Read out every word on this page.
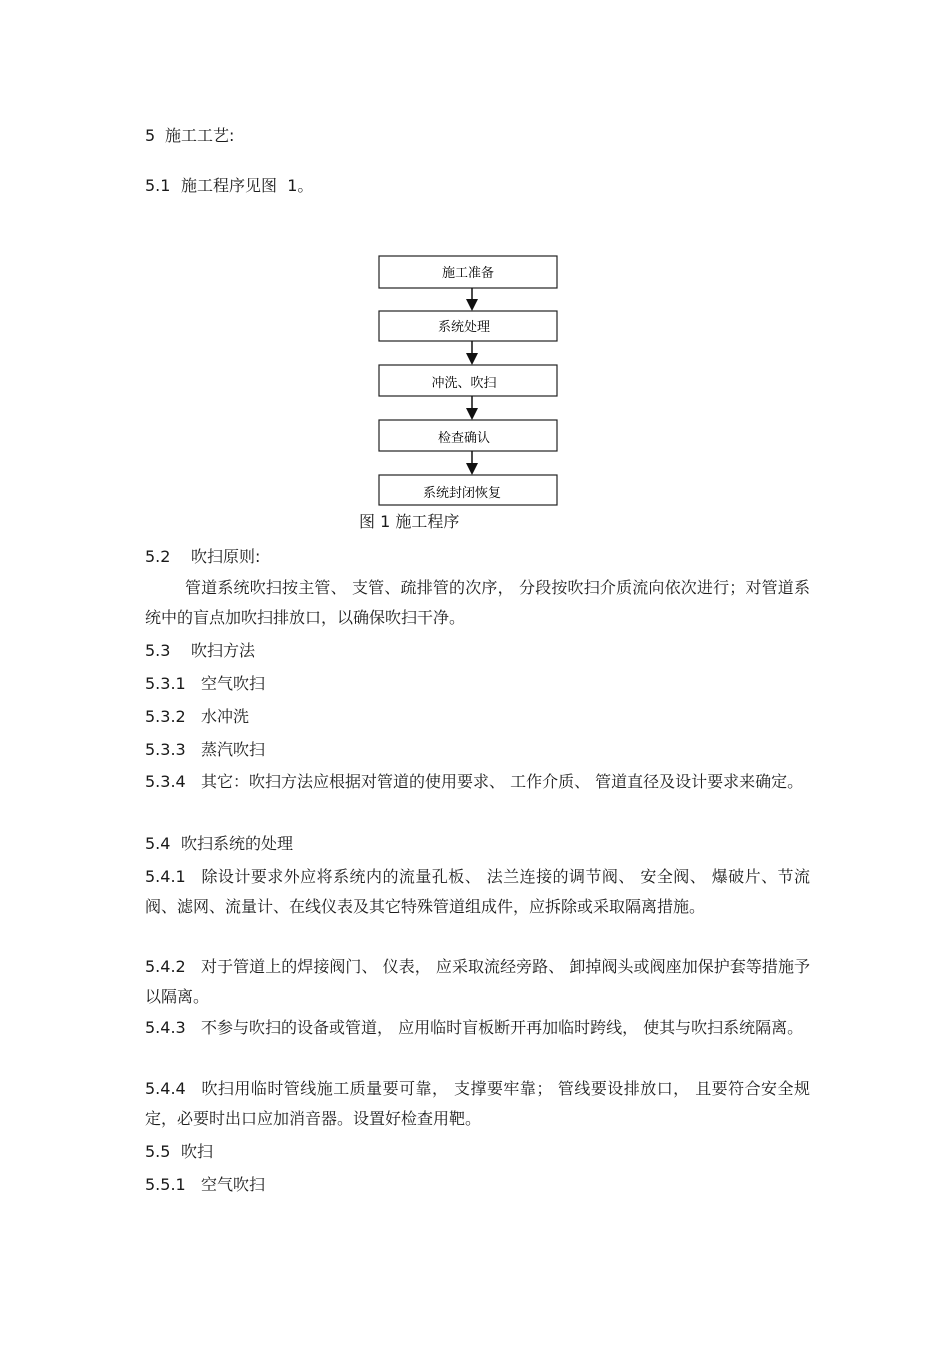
5 施工工艺:
5.1 施工程序见图 1。
施工准备
系统处理
冲洗、吹扫
检查确认
系统封闭恢复
图 1 施工程序
5.2 吹扫原则:
管道系统吹扫按主管、 支管、疏排管的次序， 分段按吹扫介质流向依次进行；对管道系统中的盲点加吹扫排放口，以确保吹扫干净。
5.3 吹扫方法
5.3.1 空气吹扫
5.3.2 水冲洗
5.3.3 蒸汽吹扫
5.3.4 其它：吹扫方法应根据对管道的使用要求、 工作介质、 管道直径及设计要求来确定。
5.4 吹扫系统的处理
5.4.1 除设计要求外应将系统内的流量孔板、 法兰连接的调节阀、 安全阀、 爆破片、节流阀、滤网、流量计、在线仪表及其它特殊管道组成件，应拆除或采取隔离措施。
5.4.2 对于管道上的焊接阀门、 仪表， 应采取流经旁路、 卸掉阀头或阀座加保护套等措施予以隔离。
5.4.3 不参与吹扫的设备或管道， 应用临时盲板断开再加临时跨线， 使其与吹扫系统隔离。
5.4.4 吹扫用临时管线施工质量要可靠， 支撑要牢靠； 管线要设排放口， 且要符合安全规定，必要时出口应加消音器。设置好检查用靶。
5.5 吹扫
5.5.1 空气吹扫
